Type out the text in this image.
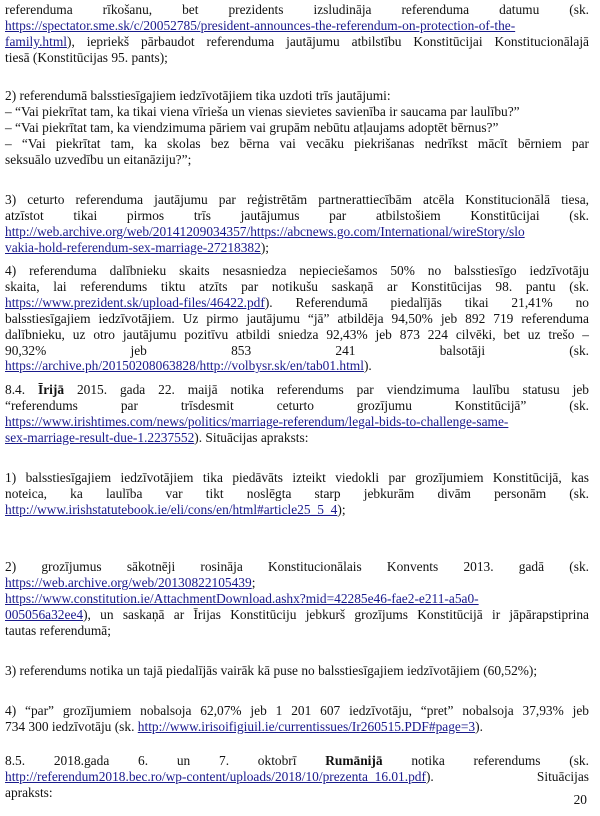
referenduma rīkošanu, bet prezidents izsludināja referenduma datumu (sk.

https://spectator.sme.sk/c/20052785/president-announces-the-referendum-on-protection-of-the-

family.html), iepriekš pārbaudot referenduma jautājumu atbilstību Konstitūcijai Konstitucionālajā

tiesā (Konstitūcijas 95. pants);

2) referendumā balsstiesīgajiem iedzīvotājiem tika uzdoti trīs jautājumi:

– “Vai piekrītat tam, ka tikai viena vīrieša un vienas sievietes savienība ir saucama par laulību?”

– “Vai piekrītat tam, ka viendzimuma pāriem vai grupām nebūtu atļaujams adoptēt bērnus?”

– “Vai piekrītat tam, ka skolas bez bērna vai vecāku piekrišanas nedrīkst mācīt bērniem par

seksuālo uzvedību un eitanāziju?”;

3) ceturto referenduma jautājumu par reģistrētām partnerattiecībām atcēla Konstitucionālā tiesa,

atzīstot tikai pirmos trīs jautājumus par atbilstošiem Konstitūcijai (sk.

http://web.archive.org/web/20141209034357/https://abcnews.go.com/International/wireStory/slo

vakia-hold-referendum-sex-marriage-27218382);

4) referenduma dalībnieku skaits nesasniedza nepieciešamos 50% no balsstiesīgo iedzīvotāju

skaita, lai referendums tiktu atzīts par notikušu saskaņā ar Konstitūcijas 98. pantu (sk.

https://www.prezident.sk/upload-files/46422.pdf). Referendumā piedalījās tikai 21,41% no

balsstiesīgajiem iedzīvotājiem. Uz pirmo jautājumu “jā” atbildēja 94,50% jeb 892 719 referenduma

dalībnieku, uz otro jautājumu pozitīvu atbildi sniedza 92,43% jeb 873 224 cilvēki, bet uz trešo –

90,32% jeb 853 241 balsotāji (sk.

https://archive.ph/20150208063828/http://volbysr.sk/en/tab01.html).

8.4. Īrijā 2015. gada 22. maijā notika referendums par viendzimuma laulību statusu jeb

“referendums par trīsdesmit ceturto grozījumu Konstitūcijā” (sk.

https://www.irishtimes.com/news/politics/marriage-referendum/legal-bids-to-challenge-same-

sex-marriage-result-due-1.2237552). Situācijas apraksts:

1) balsstiesīgajiem iedzīvotājiem tika piedāvāts izteikt viedokli par grozījumiem Konstitūcijā, kas

noteica, ka laulība var tikt noslēgta starp jebkurām divām personām (sk.

http://www.irishstatutebook.ie/eli/cons/en/html#article25_5_4);

2) grozījumus sākotnēji rosināja Konstitucionālais Konvents 2013. gadā (sk.

https://web.archive.org/web/20130822105439;

https://www.constitution.ie/AttachmentDownload.ashx?mid=42285e46-fae2-e211-a5a0-

005056a32ee4), un saskaņā ar Īrijas Konstitūciju jebkurš grozījums Konstitūcijā ir jāpārapstiprina

tautas referendumā;

3) referendums notika un tajā piedalījās vairāk kā puse no balsstiesīgajiem iedzīvotājiem (60,52%);

4) “par” grozījumiem nobalsoja 62,07% jeb 1 201 607 iedzīvotāju, “pret” nobalsoja 37,93% jeb

734 300 iedzīvotāju (sk. http://www.irisoifigiuil.ie/currentissues/Ir260515.PDF#page=3).

8.5. 2018.gada 6. un 7. oktobrī Rumānijā notika referendums (sk.

http://referendum2018.bec.ro/wp-content/uploads/2018/10/prezenta_16.01.pdf). Situācijas

apraksts:	20
